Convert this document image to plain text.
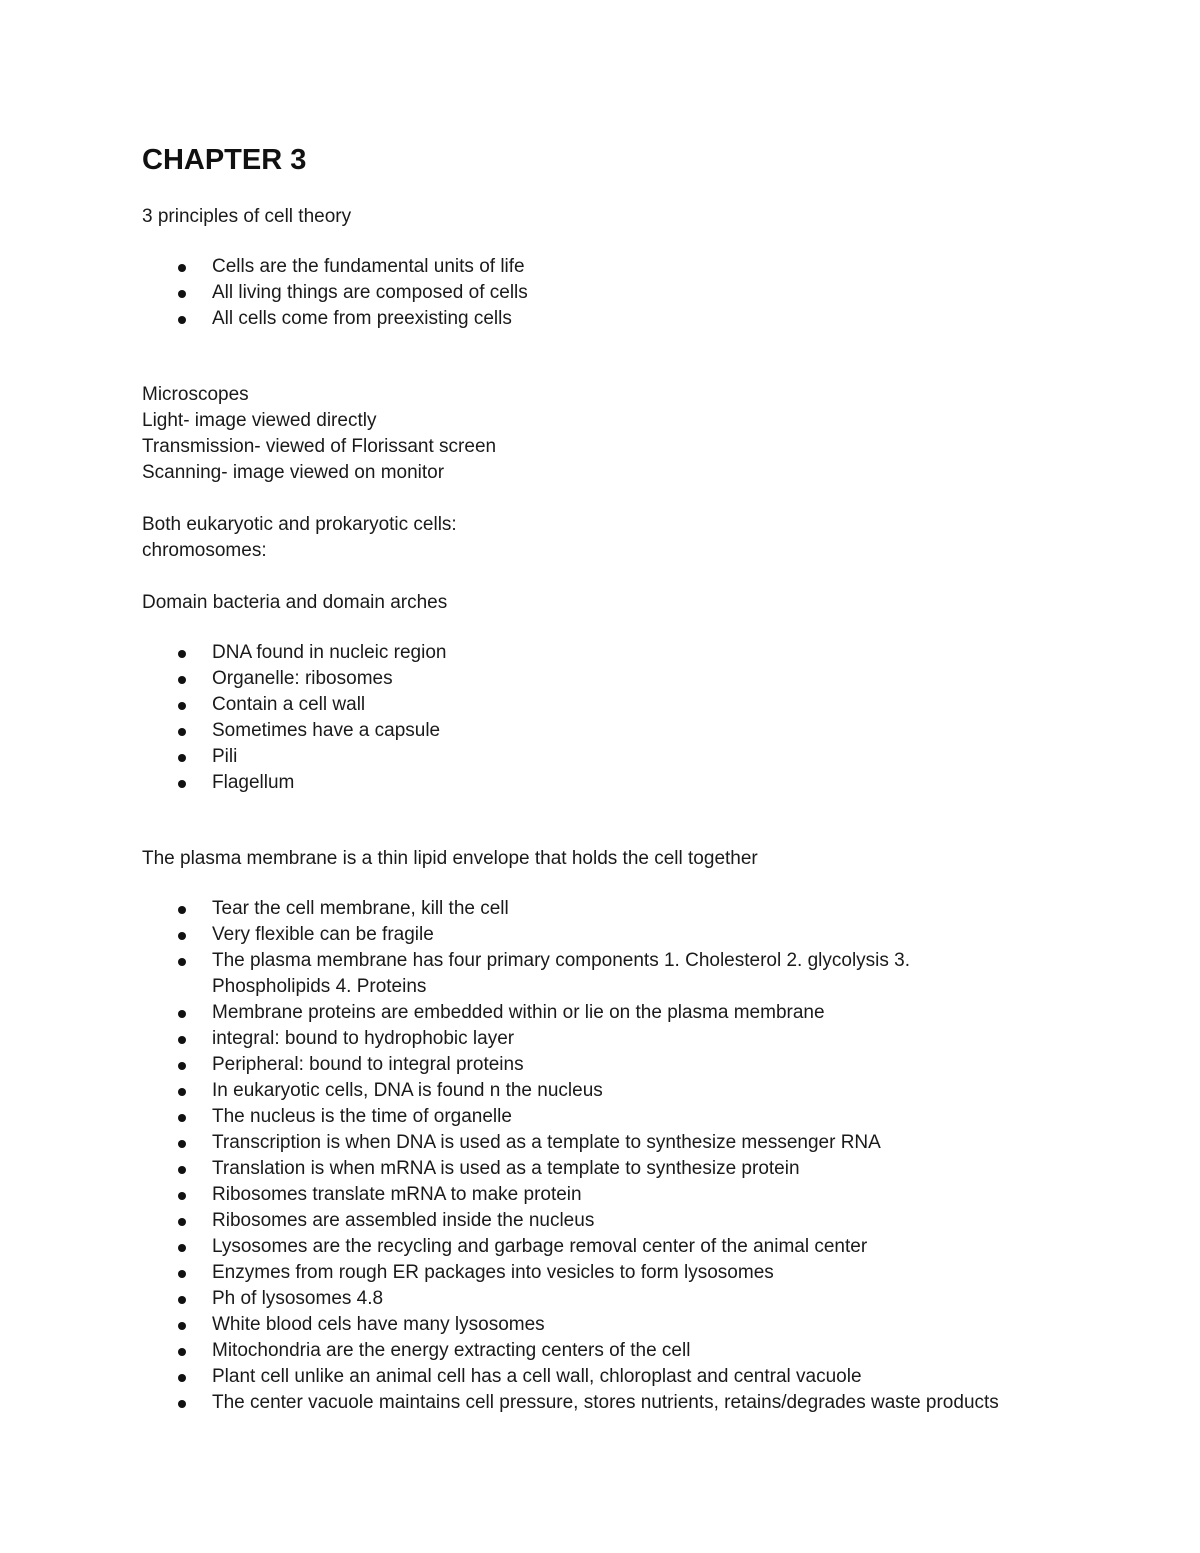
CHAPTER 3

3 principles of cell theory

Cells are the fundamental units of life
All living things are composed of cells
All cells come from preexisting cells

Microscopes

Light- image viewed directly

Transmission- viewed of Florissant screen

Scanning- image viewed on monitor

Both eukaryotic and prokaryotic cells:

chromosomes:

Domain bacteria and domain arches

DNA found in nucleic region
Organelle: ribosomes
Contain a cell wall
Sometimes have a capsule
Pili
Flagellum

The plasma membrane is a thin lipid envelope that holds the cell together

Tear the cell membrane, kill the cell
Very flexible can be fragile
The plasma membrane has four primary components 1. Cholesterol 2. glycolysis 3. Phospholipids 4. Proteins
Membrane proteins are embedded within or lie on the plasma membrane
integral: bound to hydrophobic layer
Peripheral: bound to integral proteins
In eukaryotic cells, DNA is found n the nucleus
The nucleus is the time of organelle
Transcription is when DNA is used as a template to synthesize messenger RNA
Translation is when mRNA is used as a template to synthesize protein
Ribosomes translate mRNA to make protein
Ribosomes are assembled inside the nucleus
Lysosomes are the recycling and garbage removal center of the animal center
Enzymes from rough ER packages into vesicles to form lysosomes
Ph of lysosomes 4.8
White blood cels have many lysosomes
Mitochondria are the energy extracting centers of the cell
Plant cell unlike an animal cell has a cell wall, chloroplast and central vacuole
The center vacuole maintains cell pressure, stores nutrients, retains/degrades waste products
